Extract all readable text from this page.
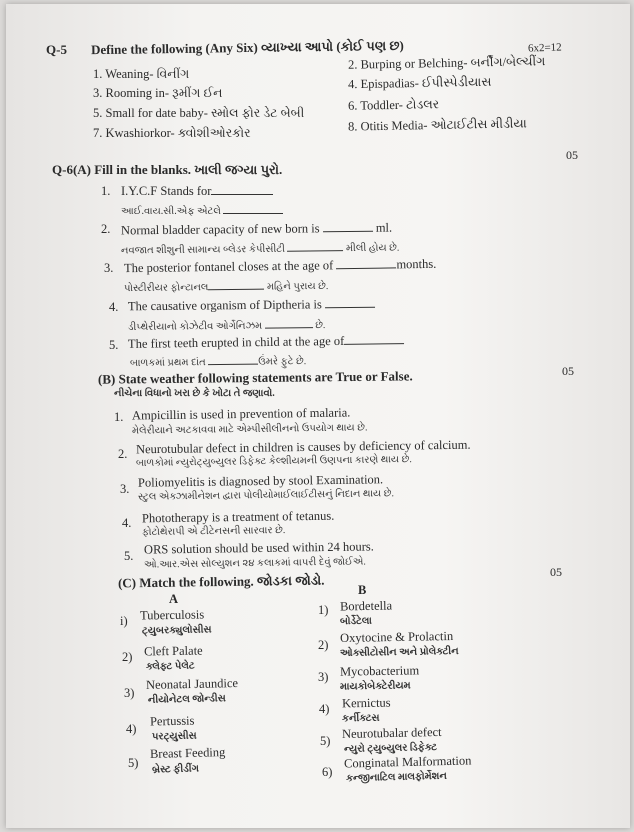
Q-5 Define the following (Any Six) વ્યાખ્યા આપો (કોઈ પણ છ)	6x2=12
1. Weaning- વિનીંગ
2. Burping or Belching- બર્નીંગ/બેલ્ચીંગ
3. Rooming in- રૂમીંગ ઈન
4. Epispadias- ઈપીસ્પેડીયાસ
5. Small for date baby- સ્મોલ ફોર ડેટ બેબી
6. Toddler- ટોડલર
7. Kwashiorkor- ક્વોશીઓરકોર	8. Otitis Media- ઓટાઈટીસ મીડીયા
Q-6(A) Fill in the blanks. ખાલી જગ્યા પુરો.
05
1. I.Y.C.F Stands for
આઈ.વાય.સી.એફ એટલે
2. Normal bladder capacity of new born is	ml.
નવજાત શીશુની સામાન્ય બ્લેડર કેપીસીટી	મીલી હોય છે.
3. The posterior fontanel closes at the age of	months.
પોસ્ટીરીયર ફોન્ટાનલ	મહિને પુરાય છે.
4. The causative organism of Diptheria is
ડીપ્થેરીયાનો કોઝેટીવ ઓર્ગેનિઝમ	છે.
5. The first teeth erupted in child at the age of
બાળકમાં પ્રથમ દાંત	ઉંમરે ફુટે છે.
(B) State weather following statements are True or False.
નીચેના વિધાનો ખરા છે કે ખોટા તે જણાવો.
05
1. Ampicillin is used in prevention of malaria.
મેલેરીયાને અટકાવવા માટે એમ્પીસીલીનનો ઉપયોગ થાય છે.
2. Neurotubular defect in children is causes by deficiency of calcium.
બાળકોમાં ન્યુરોટ્યુબ્યુલર ડિફેક્ટ કેલ્શીયમની ઉણપના કારણે થાય છે.
3. Poliomyelitis is diagnosed by stool Examination.
સ્ટુલ એક્ઝામીનેશન દ્વારા પોલીયોમાઈલાઈટીસનું નિદાન થાય છે.
4. Phototherapy is a treatment of tetanus.
ફોટોથેરાપી એ ટીટેનસની સારવાર છે.
5. ORS solution should be used within 24 hours.
ઓ.આર.એસ સોલ્યુશન ૨૪ કલાકમાં વાપરી દેવું જોઈએ.
(C) Match the following. જોડકા જોડો.
05
B
A
i) Tuberculosis
ટ્યુબરક્યુલોસીસ
2) Cleft Palate
ક્લેફ્ટ પેલેટ
3)
Neonatal Jaundice
નીયોનેટલ જોન્ડીસ
4)
Pertussis
પરટ્યુસીસ
5)
Breast Feeding
બ્રેસ્ટ ફીડીંગ
1) Bordetella
બોર્ડેટેલા
2)
Oxytocine & Prolactin
ઓક્સીટોસીન અને પ્રોલેક્ટીન
3) Mycobacterium
માયકોબેક્ટેરીયમ
4) Kernictus
કર્નીક્ટસ
5) Neurotubalar defect
ન્યુરો ટ્યુબ્યુલર ડિફેક્ટ
6)
Conginatal Malformation
કન્જીનાટિલ માલફોર્મેશન
